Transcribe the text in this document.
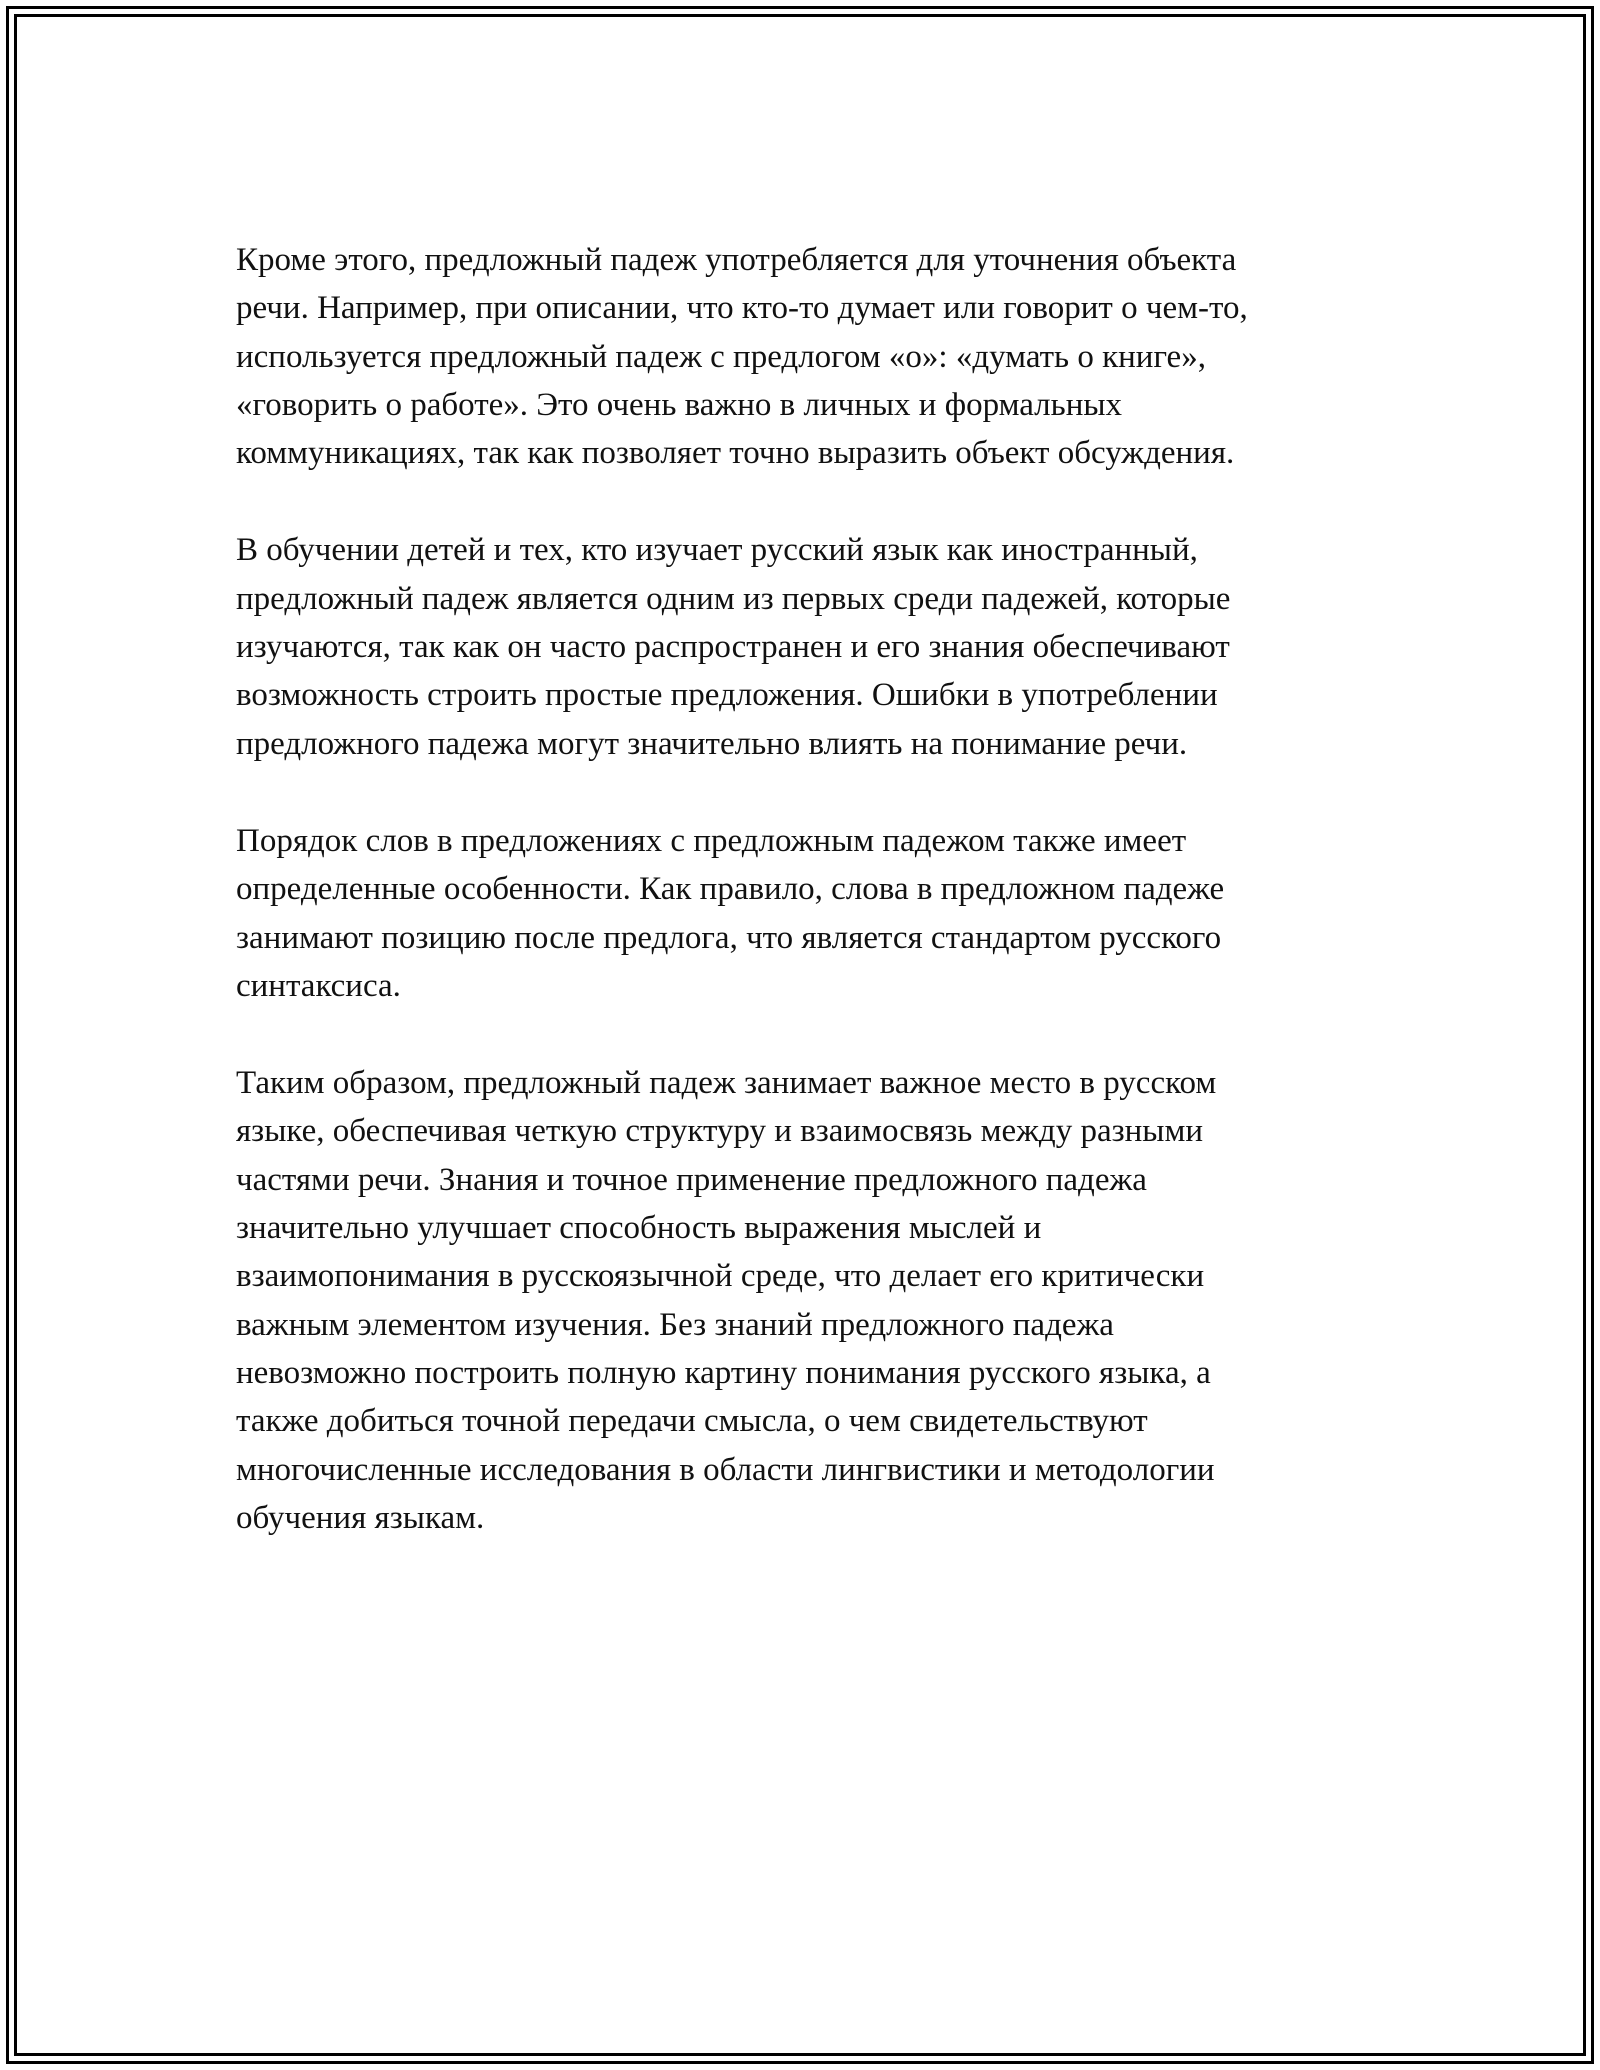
Кроме этого, предложный падеж употребляется для уточнения объекта
речи. Например, при описании, что кто-то думает или говорит о чем-то,
используется предложный падеж с предлогом «о»: «думать о книге»,
«говорить о работе». Это очень важно в личных и формальных
коммуникациях, так как позволяет точно выразить объект обсуждения.

В обучении детей и тех, кто изучает русский язык как иностранный,
предложный падеж является одним из первых среди падежей, которые
изучаются, так как он часто распространен и его знания обеспечивают
возможность строить простые предложения. Ошибки в употреблении
предложного падежа могут значительно влиять на понимание речи.

Порядок слов в предложениях с предложным падежом также имеет
определенные особенности. Как правило, слова в предложном падеже
занимают позицию после предлога, что является стандартом русского
синтаксиса.

Таким образом, предложный падеж занимает важное место в русском
языке, обеспечивая четкую структуру и взаимосвязь между разными
частями речи. Знания и точное применение предложного падежа
значительно улучшает способность выражения мыслей и
взаимопонимания в русскоязычной среде, что делает его критически
важным элементом изучения. Без знаний предложного падежа
невозможно построить полную картину понимания русского языка, а
также добиться точной передачи смысла, о чем свидетельствуют
многочисленные исследования в области лингвистики и методологии
обучения языкам.
